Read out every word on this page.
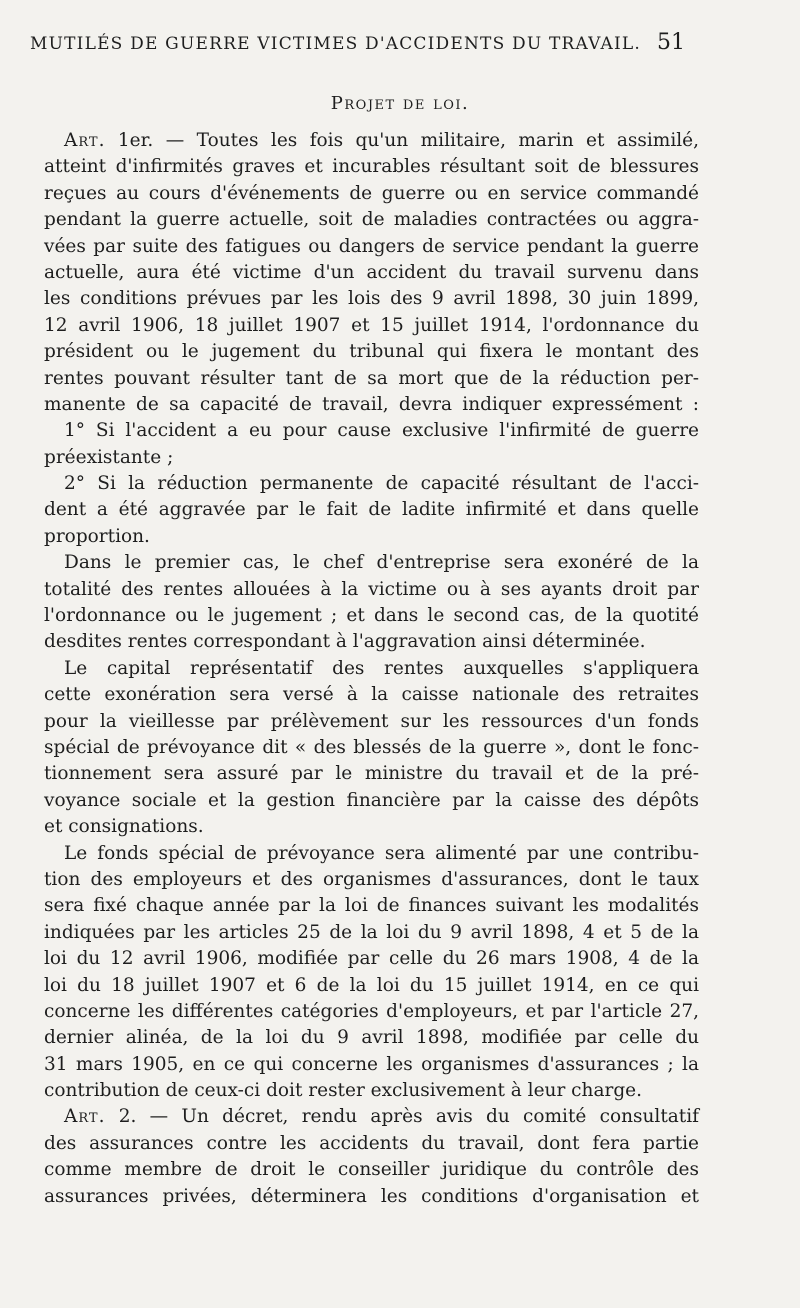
MUTILÉS DE GUERRE VICTIMES D'ACCIDENTS DU TRAVAIL. 51
Projet de loi.
Art. 1er. — Toutes les fois qu'un militaire, marin et assimilé,
atteint d'infirmités graves et incurables résultant soit de blessures
reçues au cours d'événements de guerre ou en service commandé
pendant la guerre actuelle, soit de maladies contractées ou aggra-
vées par suite des fatigues ou dangers de service pendant la guerre
actuelle, aura été victime d'un accident du travail survenu dans
les conditions prévues par les lois des 9 avril 1898, 30 juin 1899,
12 avril 1906, 18 juillet 1907 et 15 juillet 1914, l'ordonnance du
président ou le jugement du tribunal qui fixera le montant des
rentes pouvant résulter tant de sa mort que de la réduction per-
manente de sa capacité de travail, devra indiquer expressément :
1° Si l'accident a eu pour cause exclusive l'infirmité de guerre
préexistante ;
2° Si la réduction permanente de capacité résultant de l'acci-
dent a été aggravée par le fait de ladite infirmité et dans quelle
proportion.
Dans le premier cas, le chef d'entreprise sera exonéré de la
totalité des rentes allouées à la victime ou à ses ayants droit par
l'ordonnance ou le jugement ; et dans le second cas, de la quotité
desdites rentes correspondant à l'aggravation ainsi déterminée.
Le capital représentatif des rentes auxquelles s'appliquera
cette exonération sera versé à la caisse nationale des retraites
pour la vieillesse par prélèvement sur les ressources d'un fonds
spécial de prévoyance dit « des blessés de la guerre », dont le fonc-
tionnement sera assuré par le ministre du travail et de la pré-
voyance sociale et la gestion financière par la caisse des dépôts
et consignations.
Le fonds spécial de prévoyance sera alimenté par une contribu-
tion des employeurs et des organismes d'assurances, dont le taux
sera fixé chaque année par la loi de finances suivant les modalités
indiquées par les articles 25 de la loi du 9 avril 1898, 4 et 5 de la
loi du 12 avril 1906, modifiée par celle du 26 mars 1908, 4 de la
loi du 18 juillet 1907 et 6 de la loi du 15 juillet 1914, en ce qui
concerne les différentes catégories d'employeurs, et par l'article 27,
dernier alinéa, de la loi du 9 avril 1898, modifiée par celle du
31 mars 1905, en ce qui concerne les organismes d'assurances ; la
contribution de ceux-ci doit rester exclusivement à leur charge.
Art. 2. — Un décret, rendu après avis du comité consultatif
des assurances contre les accidents du travail, dont fera partie
comme membre de droit le conseiller juridique du contrôle des
assurances privées, déterminera les conditions d'organisation et
